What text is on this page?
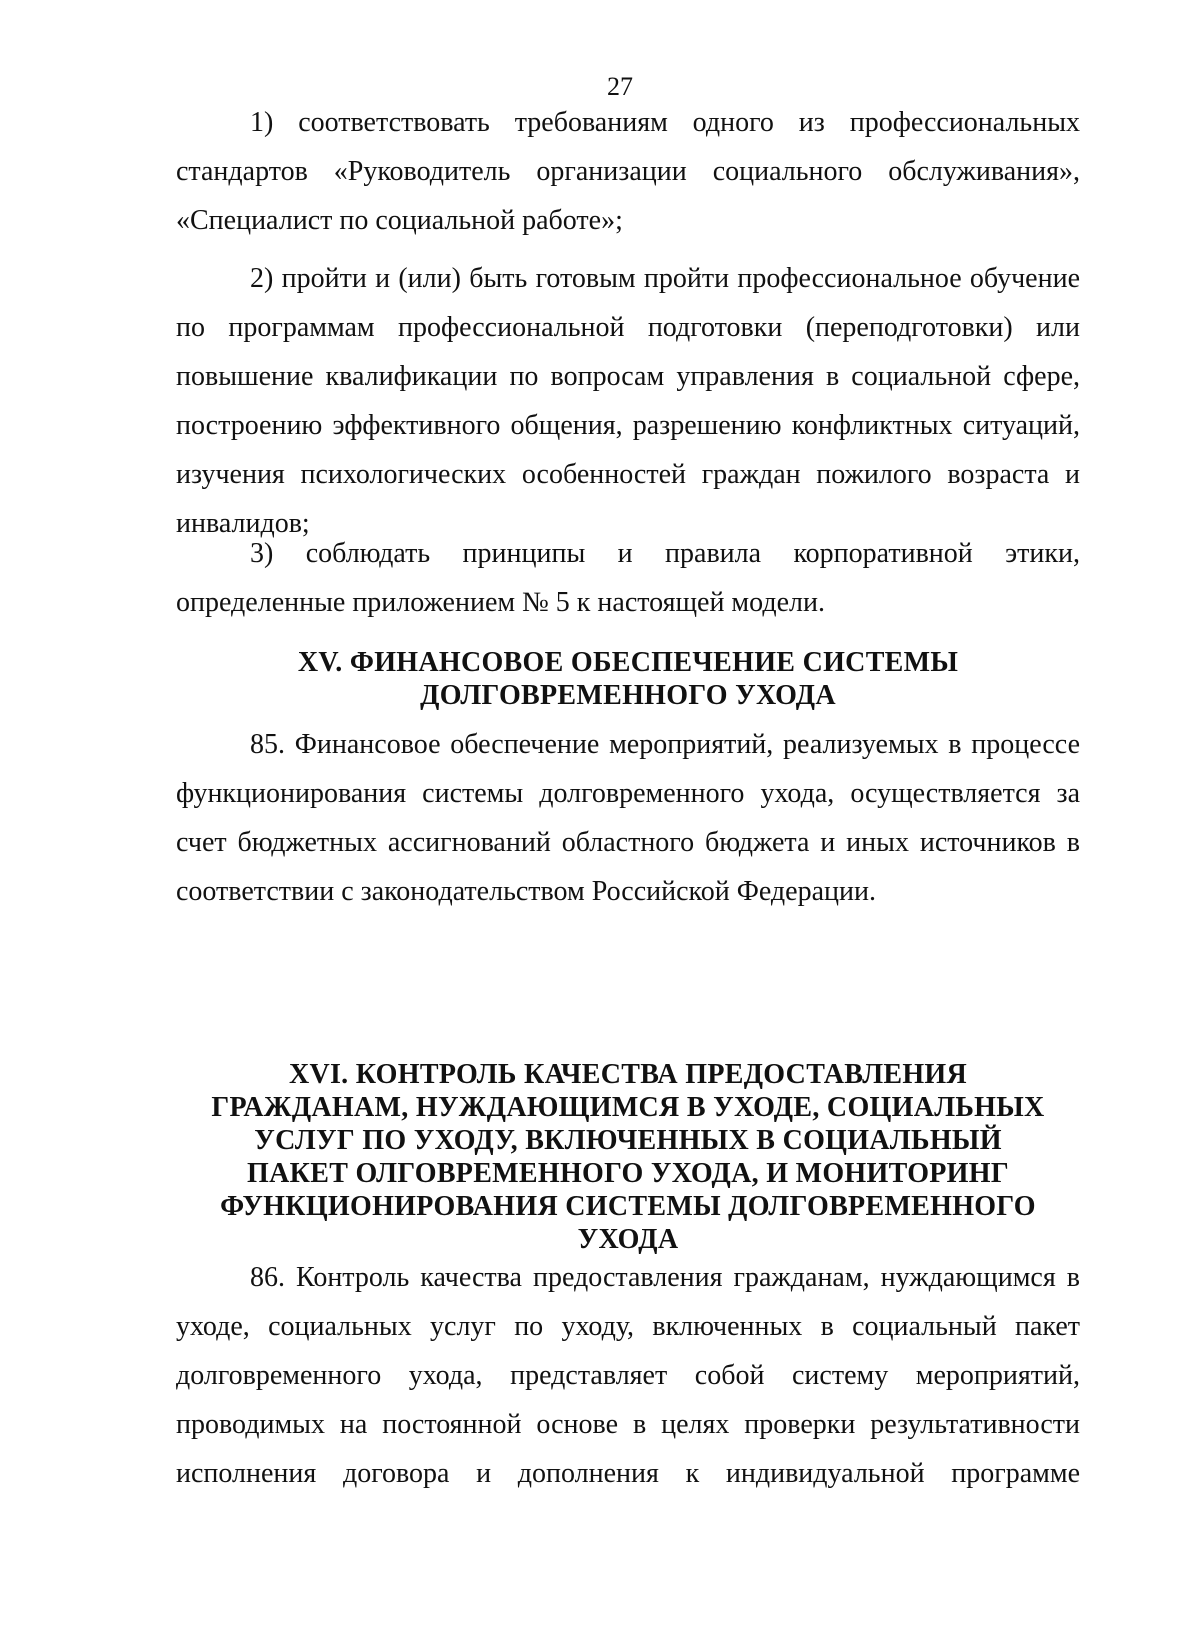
27

1) соответствовать требованиям одного из профессиональных стандартов «Руководитель организации социального обслуживания», «Специалист по социальной работе»;

2) пройти и (или) быть готовым пройти профессиональное обучение по программам профессиональной подготовки (переподготовки) или повышение квалификации по вопросам управления в социальной сфере, построению эффективного общения, разрешению конфликтных ситуаций, изучения психологических особенностей граждан пожилого возраста и инвалидов;

3) соблюдать принципы и правила корпоративной этики, определенные приложением № 5 к настоящей модели.

XV. ФИНАНСОВОЕ ОБЕСПЕЧЕНИЕ СИСТЕМЫ
ДОЛГОВРЕМЕННОГО УХОДА

85. Финансовое обеспечение мероприятий, реализуемых в процессе функционирования системы долговременного ухода, осуществляется за счет бюджетных ассигнований областного бюджета и иных источников в соответствии с законодательством Российской Федерации.

XVI. КОНТРОЛЬ КАЧЕСТВА ПРЕДОСТАВЛЕНИЯ
ГРАЖДАНАМ, НУЖДАЮЩИМСЯ В УХОДЕ, СОЦИАЛЬНЫХ
УСЛУГ ПО УХОДУ, ВКЛЮЧЕННЫХ В СОЦИАЛЬНЫЙ
ПАКЕТ ОЛГОВРЕМЕННОГО УХОДА, И МОНИТОРИНГ
ФУНКЦИОНИРОВАНИЯ СИСТЕМЫ ДОЛГОВРЕМЕННОГО
УХОДА

86. Контроль качества предоставления гражданам, нуждающимся в уходе, социальных услуг по уходу, включенных в социальный пакет долговременного ухода, представляет собой систему мероприятий, проводимых на постоянной основе в целях проверки результативности исполнения договора и дополнения к индивидуальной программе
